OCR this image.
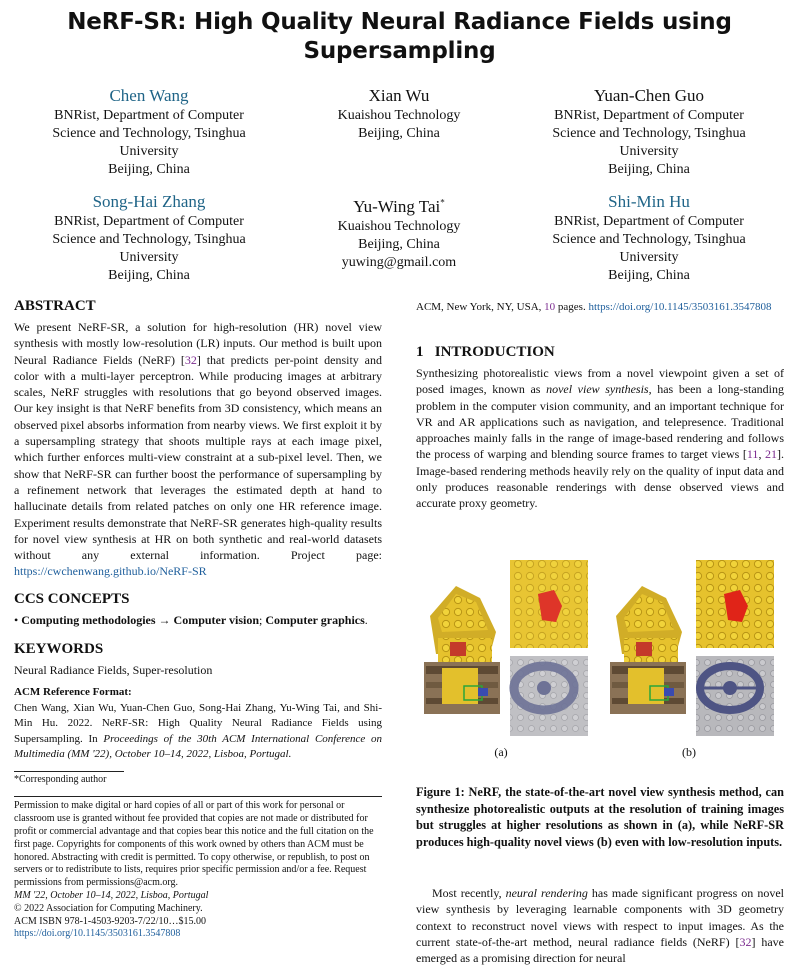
NeRF-SR: High Quality Neural Radiance Fields using Supersampling
Chen Wang
BNRist, Department of Computer
Science and Technology, Tsinghua
University
Beijing, China
Xian Wu
Kuaishou Technology
Beijing, China
Yuan-Chen Guo
BNRist, Department of Computer
Science and Technology, Tsinghua
University
Beijing, China
Song-Hai Zhang
BNRist, Department of Computer
Science and Technology, Tsinghua
University
Beijing, China
Yu-Wing Tai*
Kuaishou Technology
Beijing, China
yuwing@gmail.com
Shi-Min Hu
BNRist, Department of Computer
Science and Technology, Tsinghua
University
Beijing, China
ABSTRACT

We present NeRF-SR, a solution for high-resolution (HR) novel view synthesis with mostly low-resolution (LR) inputs. Our method is built upon Neural Radiance Fields (NeRF) [32] that predicts per-point density and color with a multi-layer perceptron. While producing images at arbitrary scales, NeRF struggles with resolutions that go beyond observed images. Our key insight is that NeRF benefits from 3D consistency, which means an observed pixel absorbs information from nearby views. We first exploit it by a supersampling strategy that shoots multiple rays at each image pixel, which further enforces multi-view constraint at a sub-pixel level. Then, we show that NeRF-SR can further boost the performance of supersampling by a refinement network that leverages the estimated depth at hand to hallucinate details from related patches on only one HR reference image. Experiment results demonstrate that NeRF-SR generates high-quality results for novel view synthesis at HR on both synthetic and real-world datasets without any external information. Project page: https://cwchenwang.github.io/NeRF-SR

CCS CONCEPTS

• Computing methodologies → Computer vision; Computer graphics.

KEYWORDS

Neural Radiance Fields, Super-resolution

ACM Reference Format:

Chen Wang, Xian Wu, Yuan-Chen Guo, Song-Hai Zhang, Yu-Wing Tai, and Shi-Min Hu. 2022. NeRF-SR: High Quality Neural Radiance Fields using Supersampling. In Proceedings of the 30th ACM International Conference on Multimedia (MM '22), October 10–14, 2022, Lisboa, Portugal.

*Corresponding author

Permission to make digital or hard copies of all or part of this work for personal or classroom use is granted without fee provided that copies are not made or distributed for profit or commercial advantage and that copies bear this notice and the full citation on the first page. Copyrights for components of this work owned by others than ACM must be honored. Abstracting with credit is permitted. To copy otherwise, or republish, to post on servers or to redistribute to lists, requires prior specific permission and/or a fee. Request permissions from permissions@acm.org.

MM '22, October 10–14, 2022, Lisboa, Portugal

© 2022 Association for Computing Machinery.

ACM ISBN 978-1-4503-9203-7/22/10…$15.00

https://doi.org/10.1145/3503161.3547808

ACM, New York, NY, USA, 10 pages. https://doi.org/10.1145/3503161.3547808

1   INTRODUCTION

Synthesizing photorealistic views from a novel viewpoint given a set of posed images, known as novel view synthesis, has been a long-standing problem in the computer vision community, and an important technique for VR and AR applications such as navigation, and telepresence. Traditional approaches mainly falls in the range of image-based rendering and follows the process of warping and blending source frames to target views [11, 21]. Image-based rendering methods heavily rely on the quality of input data and only produces reasonable renderings with dense observed views and accurate proxy geometry.

(a)	(b)

Figure 1: NeRF, the state-of-the-art novel view synthesis method, can synthesize photorealistic outputs at the resolution of training images but struggles at higher resolutions as shown in (a), while NeRF-SR produces high-quality novel views (b) even with low-resolution inputs.

Most recently, neural rendering has made significant progress on novel view synthesis by leveraging learnable components with 3D geometry context to reconstruct novel views with respect to input images. As the current state-of-the-art method, neural radiance fields (NeRF) [32] have emerged as a promising direction for neural
